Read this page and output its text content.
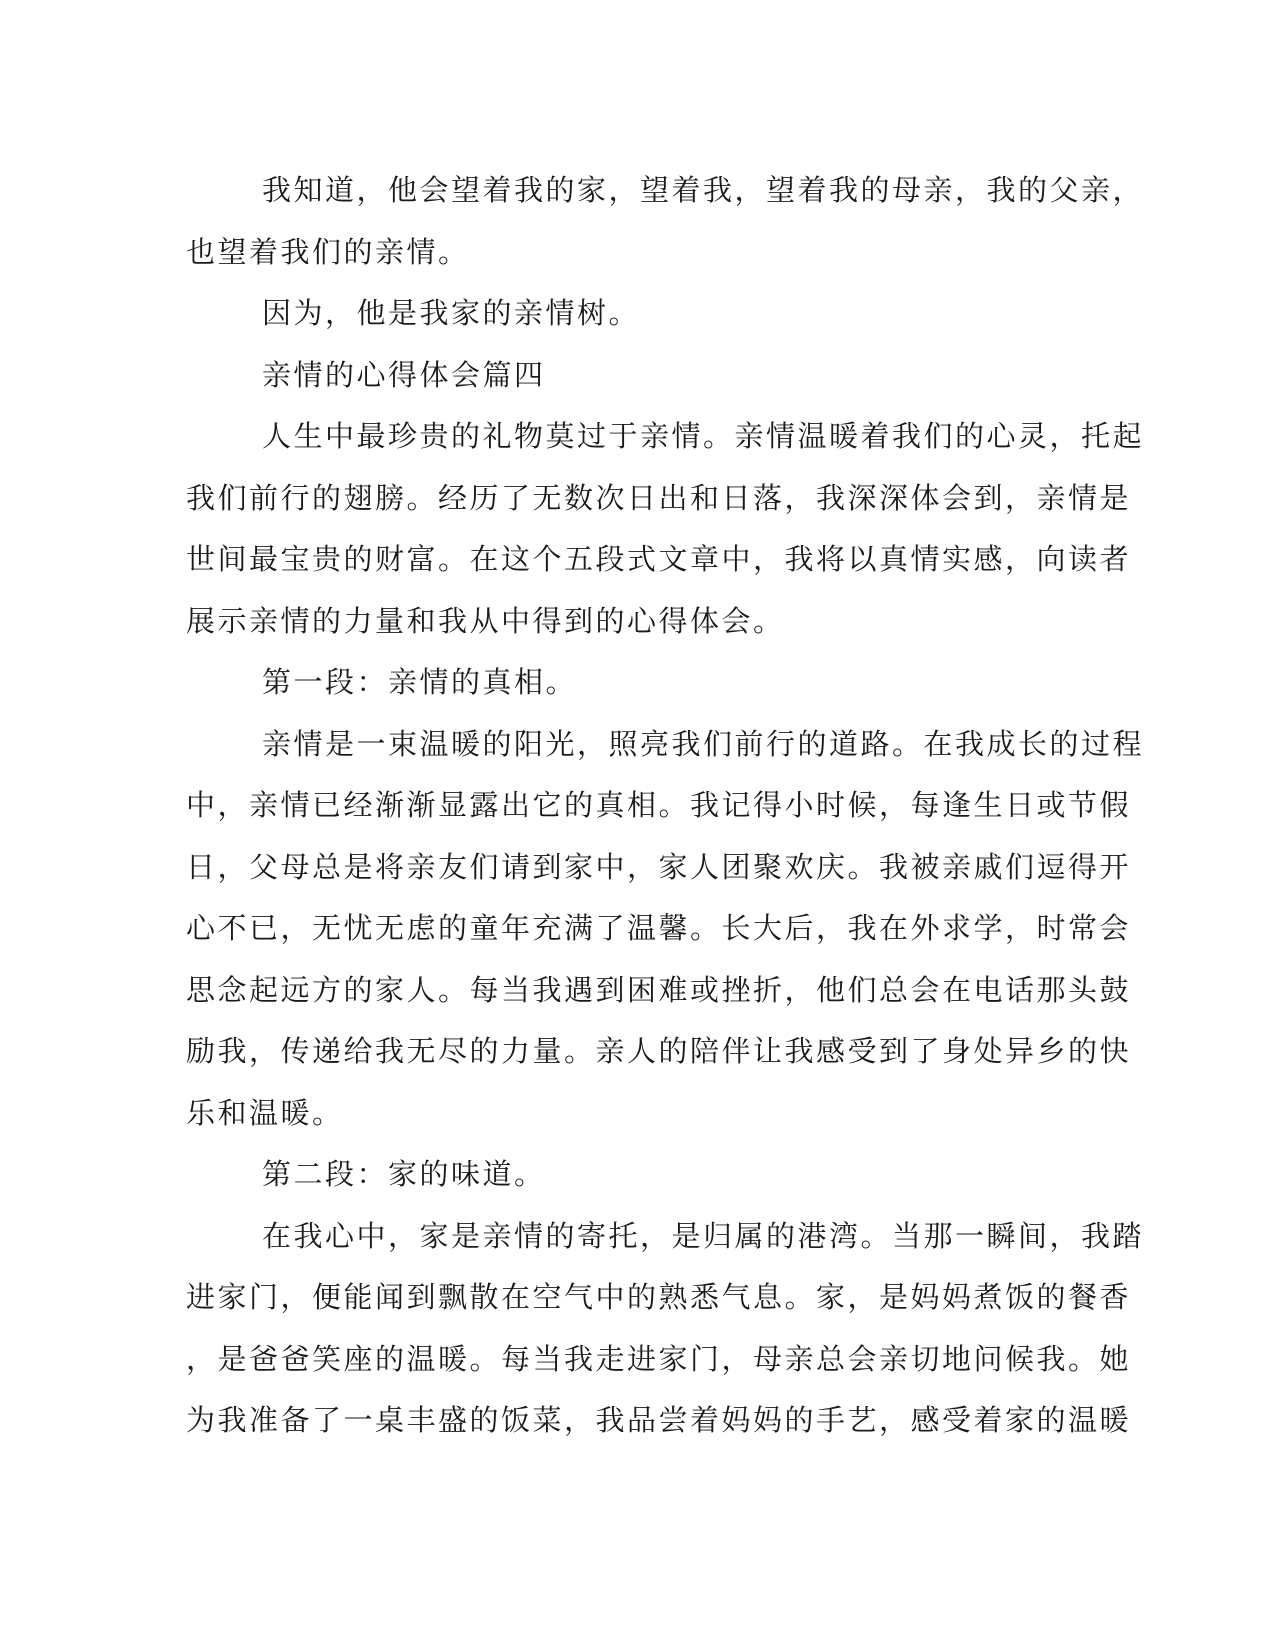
我知道，他会望着我的家，望着我，望着我的母亲，我的父亲，
也望着我们的亲情。
因为，他是我家的亲情树。
亲情的心得体会篇四
人生中最珍贵的礼物莫过于亲情。亲情温暖着我们的心灵，托起
我们前行的翅膀。经历了无数次日出和日落，我深深体会到，亲情是
世间最宝贵的财富。在这个五段式文章中，我将以真情实感，向读者
展示亲情的力量和我从中得到的心得体会。
第一段：亲情的真相。
亲情是一束温暖的阳光，照亮我们前行的道路。在我成长的过程
中，亲情已经渐渐显露出它的真相。我记得小时候，每逢生日或节假
日，父母总是将亲友们请到家中，家人团聚欢庆。我被亲戚们逗得开
心不已，无忧无虑的童年充满了温馨。长大后，我在外求学，时常会
思念起远方的家人。每当我遇到困难或挫折，他们总会在电话那头鼓
励我，传递给我无尽的力量。亲人的陪伴让我感受到了身处异乡的快
乐和温暖。
第二段：家的味道。
在我心中，家是亲情的寄托，是归属的港湾。当那一瞬间，我踏
进家门，便能闻到飘散在空气中的熟悉气息。家，是妈妈煮饭的餐香
，是爸爸笑座的温暖。每当我走进家门，母亲总会亲切地问候我。她
为我准备了一桌丰盛的饭菜，我品尝着妈妈的手艺，感受着家的温暖
